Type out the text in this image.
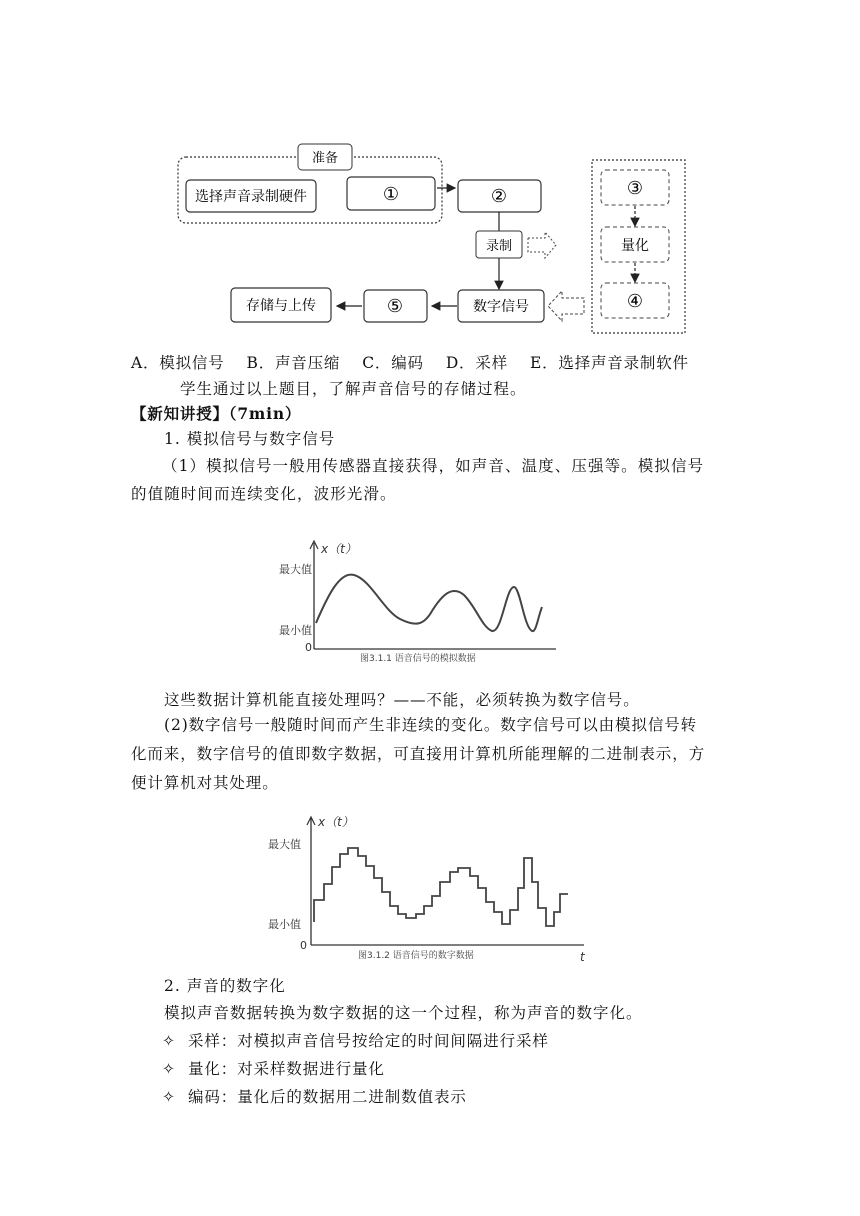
准备
选择声音录制硬件	①	②
录制
数字信号
⑤
存储与上传
③
量化
④
A．模拟信号　 B．声音压缩　 C．编码　 D．采样　 E．选择声音录制软件
学生通过以上题目，了解声音信号的存储过程。
【新知讲授】（7min）
1. 模拟信号与数字信号
（1）模拟信号一般用传感器直接获得，如声音、温度、压强等。模拟信号
的值随时间而连续变化，波形光滑。
x（t）
最大值
最小值
0
图3.1.1 语音信号的模拟数据
这些数据计算机能直接处理吗？——不能，必须转换为数字信号。
(2)数字信号一般随时间而产生非连续的变化。数字信号可以由模拟信号转
化而来，数字信号的值即数字数据，可直接用计算机所能理解的二进制表示，方
便计算机对其处理。
x（t）
最大值
最小值
0
t
图3.1.2 语音信号的数字数据
2. 声音的数字化
模拟声音数据转换为数字数据的这一个过程，称为声音的数字化。
✧ 采样：对模拟声音信号按给定的时间间隔进行采样
✧ 量化：对采样数据进行量化
✧ 编码：量化后的数据用二进制数值表示
